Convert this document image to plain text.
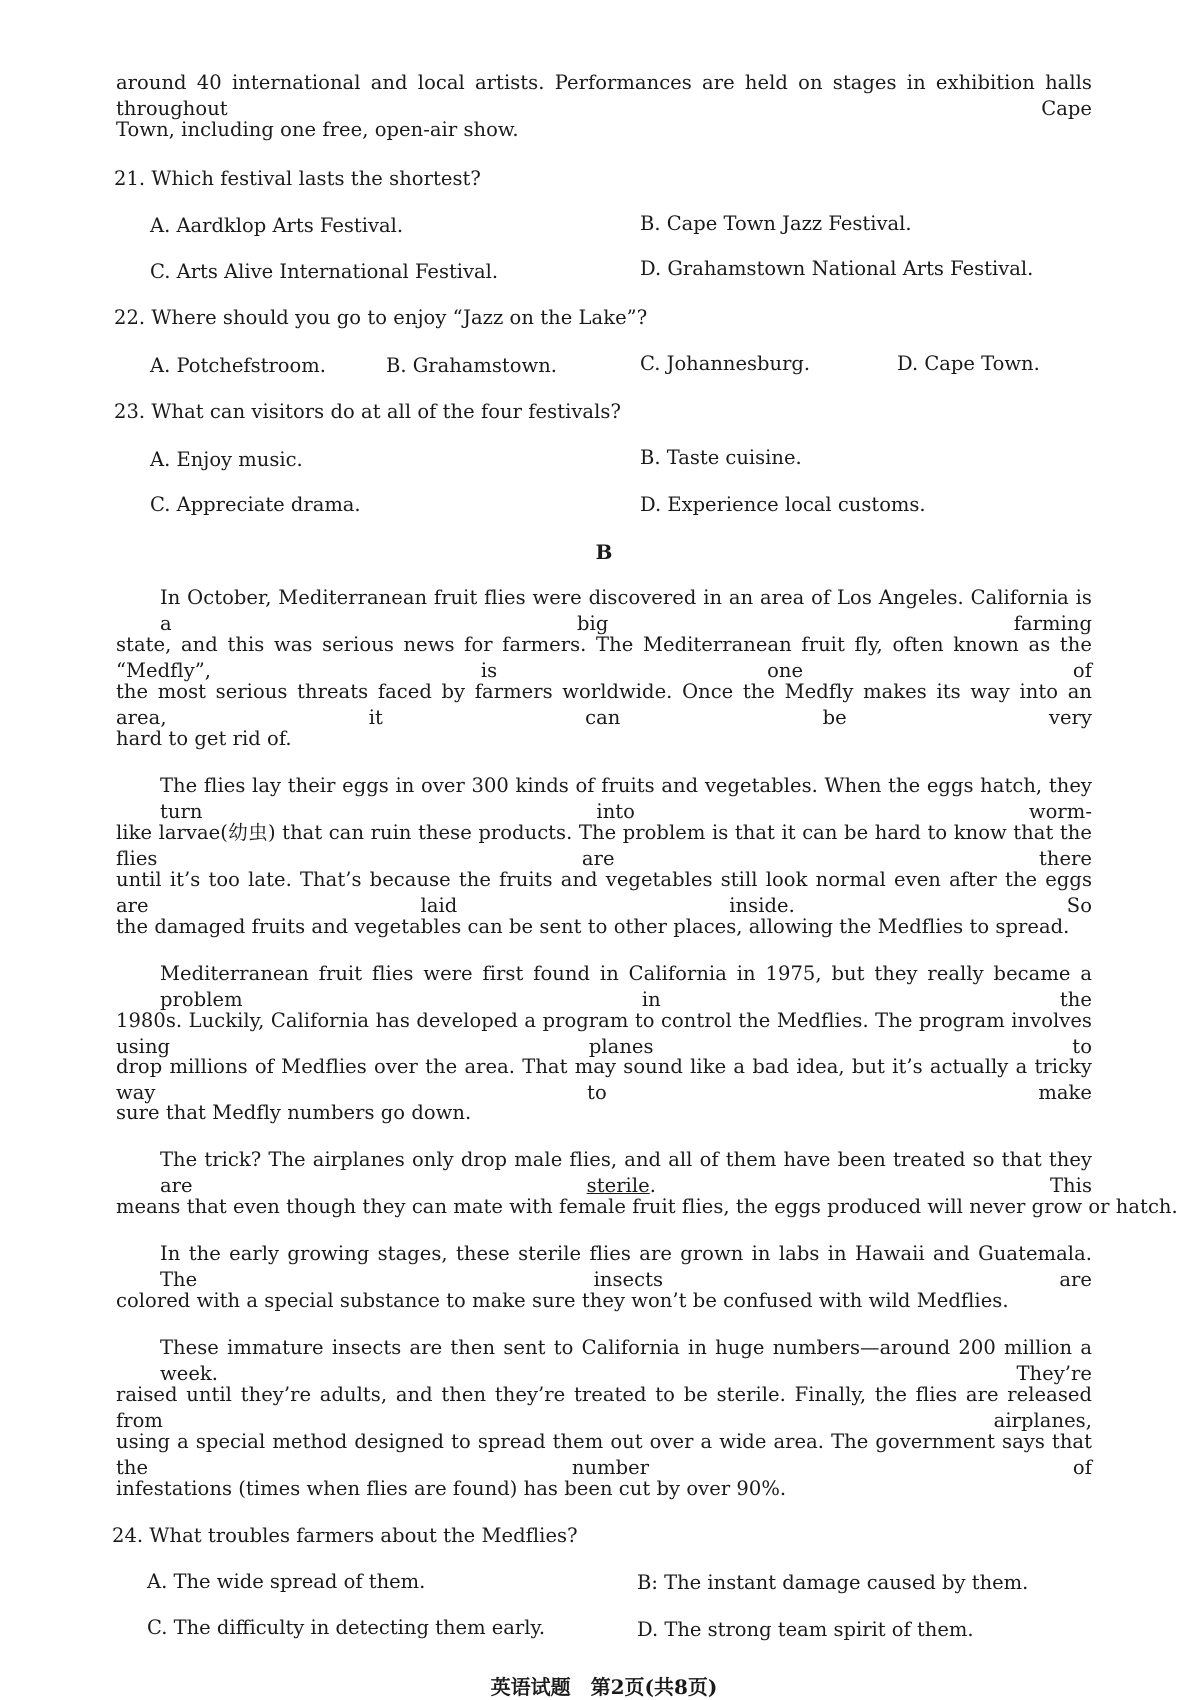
around 40 international and local artists. Performances are held on stages in exhibition halls throughout Cape
Town, including one free, open-air show.
21. Which festival lasts the shortest?
A. Aardklop Arts Festival.	B. Cape Town Jazz Festival.
C. Arts Alive International Festival.	D. Grahamstown National Arts Festival.
22. Where should you go to enjoy “Jazz on the Lake”?
A. Potchefstroom.	B. Grahamstown.	C. Johannesburg.	D. Cape Town.
23. What can visitors do at all of the four festivals?
A. Enjoy music.	B. Taste cuisine.
C. Appreciate drama.	D. Experience local customs.
B
In October, Mediterranean fruit flies were discovered in an area of Los Angeles. California is a big farming
state, and this was serious news for farmers. The Mediterranean fruit fly, often known as the “Medfly”, is one of
the most serious threats faced by farmers worldwide. Once the Medfly makes its way into an area, it can be very
hard to get rid of.
The flies lay their eggs in over 300 kinds of fruits and vegetables. When the eggs hatch, they turn into worm-
like larvae(幼虫) that can ruin these products. The problem is that it can be hard to know that the flies are there
until it’s too late. That’s because the fruits and vegetables still look normal even after the eggs are laid inside. So
the damaged fruits and vegetables can be sent to other places, allowing the Medflies to spread.
Mediterranean fruit flies were first found in California in 1975, but they really became a problem in the
1980s. Luckily, California has developed a program to control the Medflies. The program involves using planes to
drop millions of Medflies over the area. That may sound like a bad idea, but it’s actually a tricky way to make
sure that Medfly numbers go down.
The trick? The airplanes only drop male flies, and all of them have been treated so that they are sterile. This
means that even though they can mate with female fruit flies, the eggs produced will never grow or hatch.
In the early growing stages, these sterile flies are grown in labs in Hawaii and Guatemala. The insects are
colored with a special substance to make sure they won’t be confused with wild Medflies.
These immature insects are then sent to California in huge numbers—around 200 million a week. They’re
raised until they’re adults, and then they’re treated to be sterile. Finally, the flies are released from airplanes,
using a special method designed to spread them out over a wide area. The government says that the number of
infestations (times when flies are found) has been cut by over 90%.
24. What troubles farmers about the Medflies?
A. The wide spread of them.	B: The instant damage caused by them.
C. The difficulty in detecting them early.	D. The strong team spirit of them.
英语试题　第2页(共8页)
